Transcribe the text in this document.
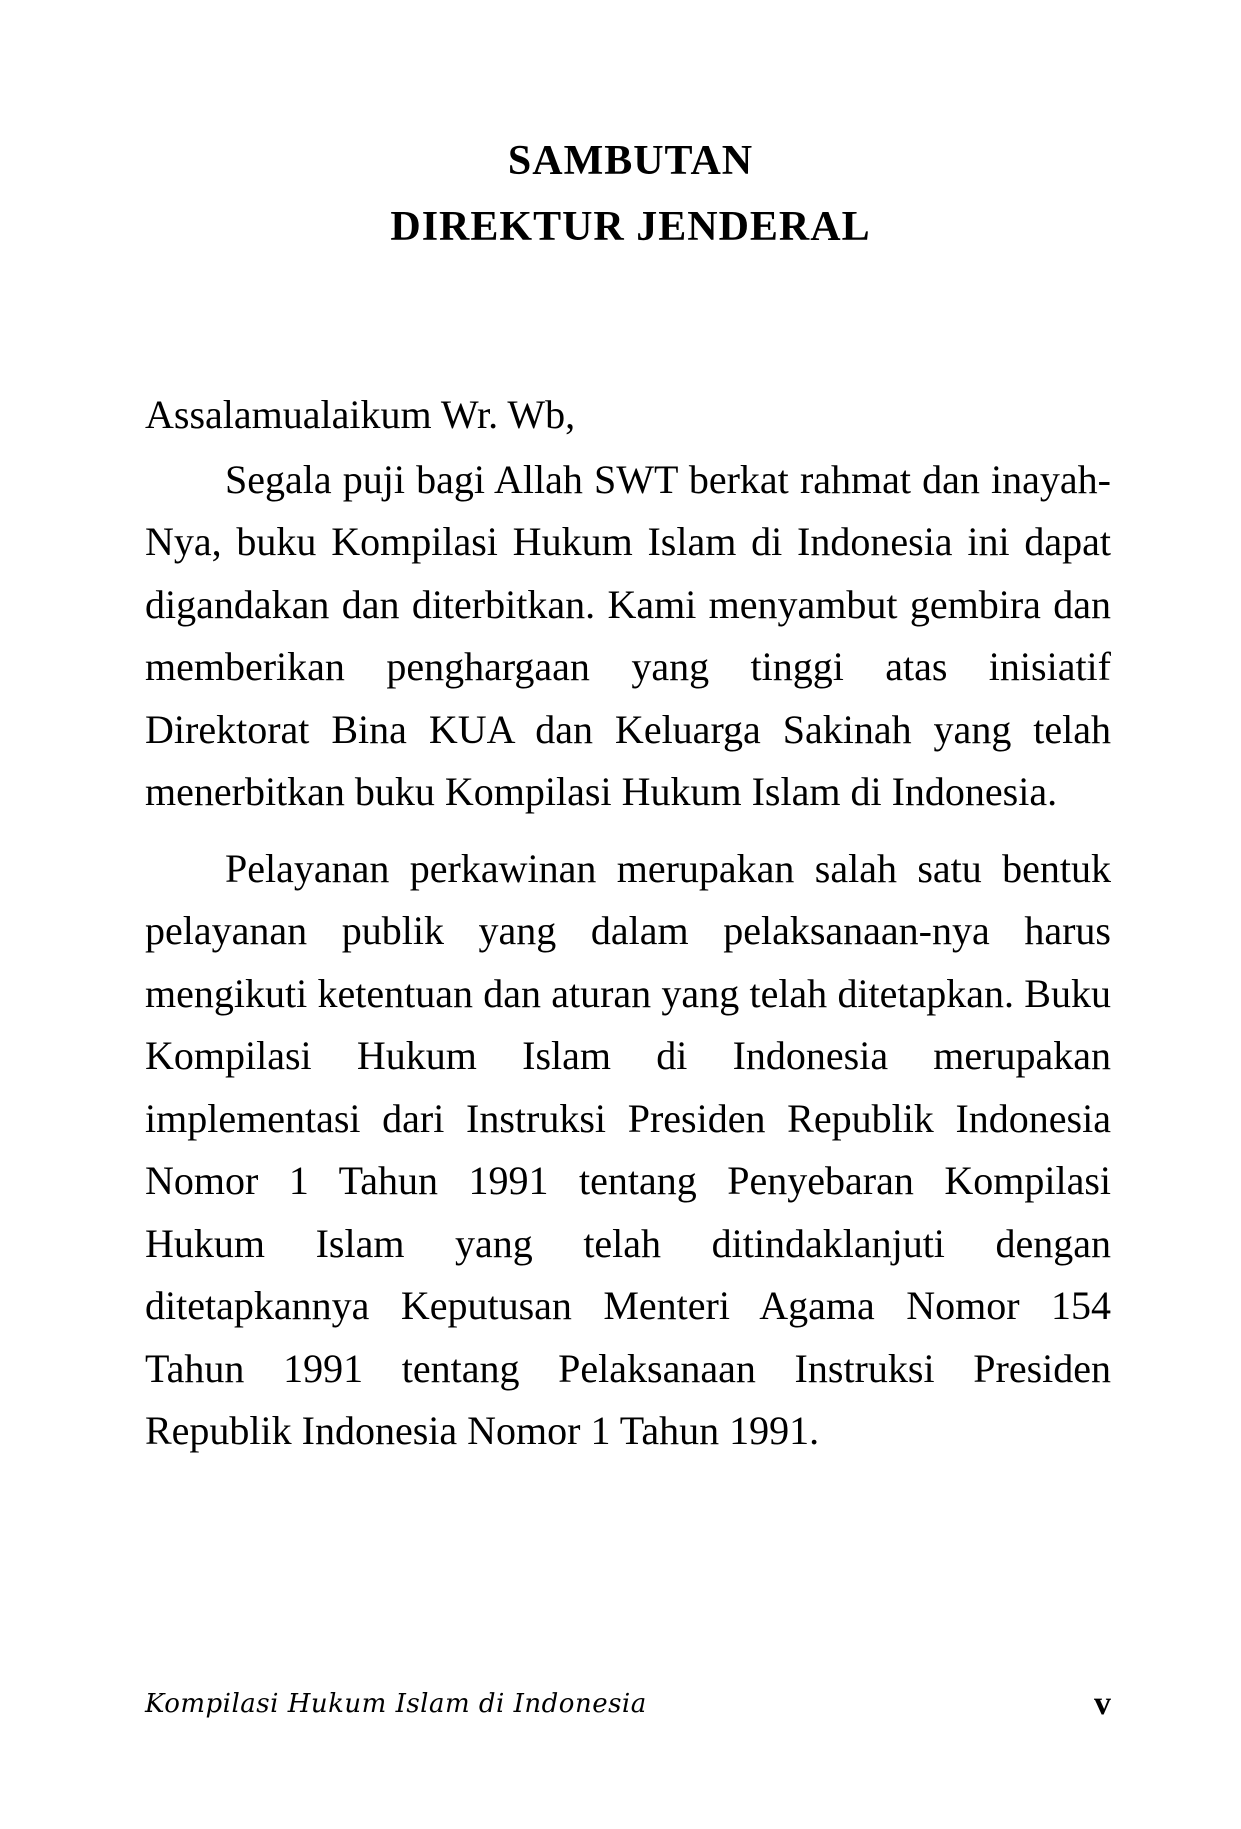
SAMBUTAN
DIREKTUR JENDERAL

Assalamualaikum Wr. Wb,

Segala puji bagi Allah SWT berkat rahmat dan inayah-Nya, buku Kompilasi Hukum Islam di Indonesia ini dapat digandakan dan diterbitkan. Kami menyambut gembira dan memberikan penghargaan yang tinggi atas inisiatif Direktorat Bina KUA dan Keluarga Sakinah yang telah menerbitkan buku Kompilasi Hukum Islam di Indonesia.

Pelayanan perkawinan merupakan salah satu bentuk pelayanan publik yang dalam pelaksanaan-nya harus mengikuti ketentuan dan aturan yang telah ditetapkan. Buku Kompilasi Hukum Islam di Indonesia merupakan implementasi dari Instruksi Presiden Republik Indonesia Nomor 1 Tahun 1991 tentang Penyebaran Kompilasi Hukum Islam yang telah ditindaklanjuti dengan ditetapkannya Keputusan Menteri Agama Nomor 154 Tahun 1991 tentang Pelaksanaan Instruksi Presiden Republik Indonesia Nomor 1 Tahun 1991.

Kompilasi Hukum Islam di Indonesia	v
